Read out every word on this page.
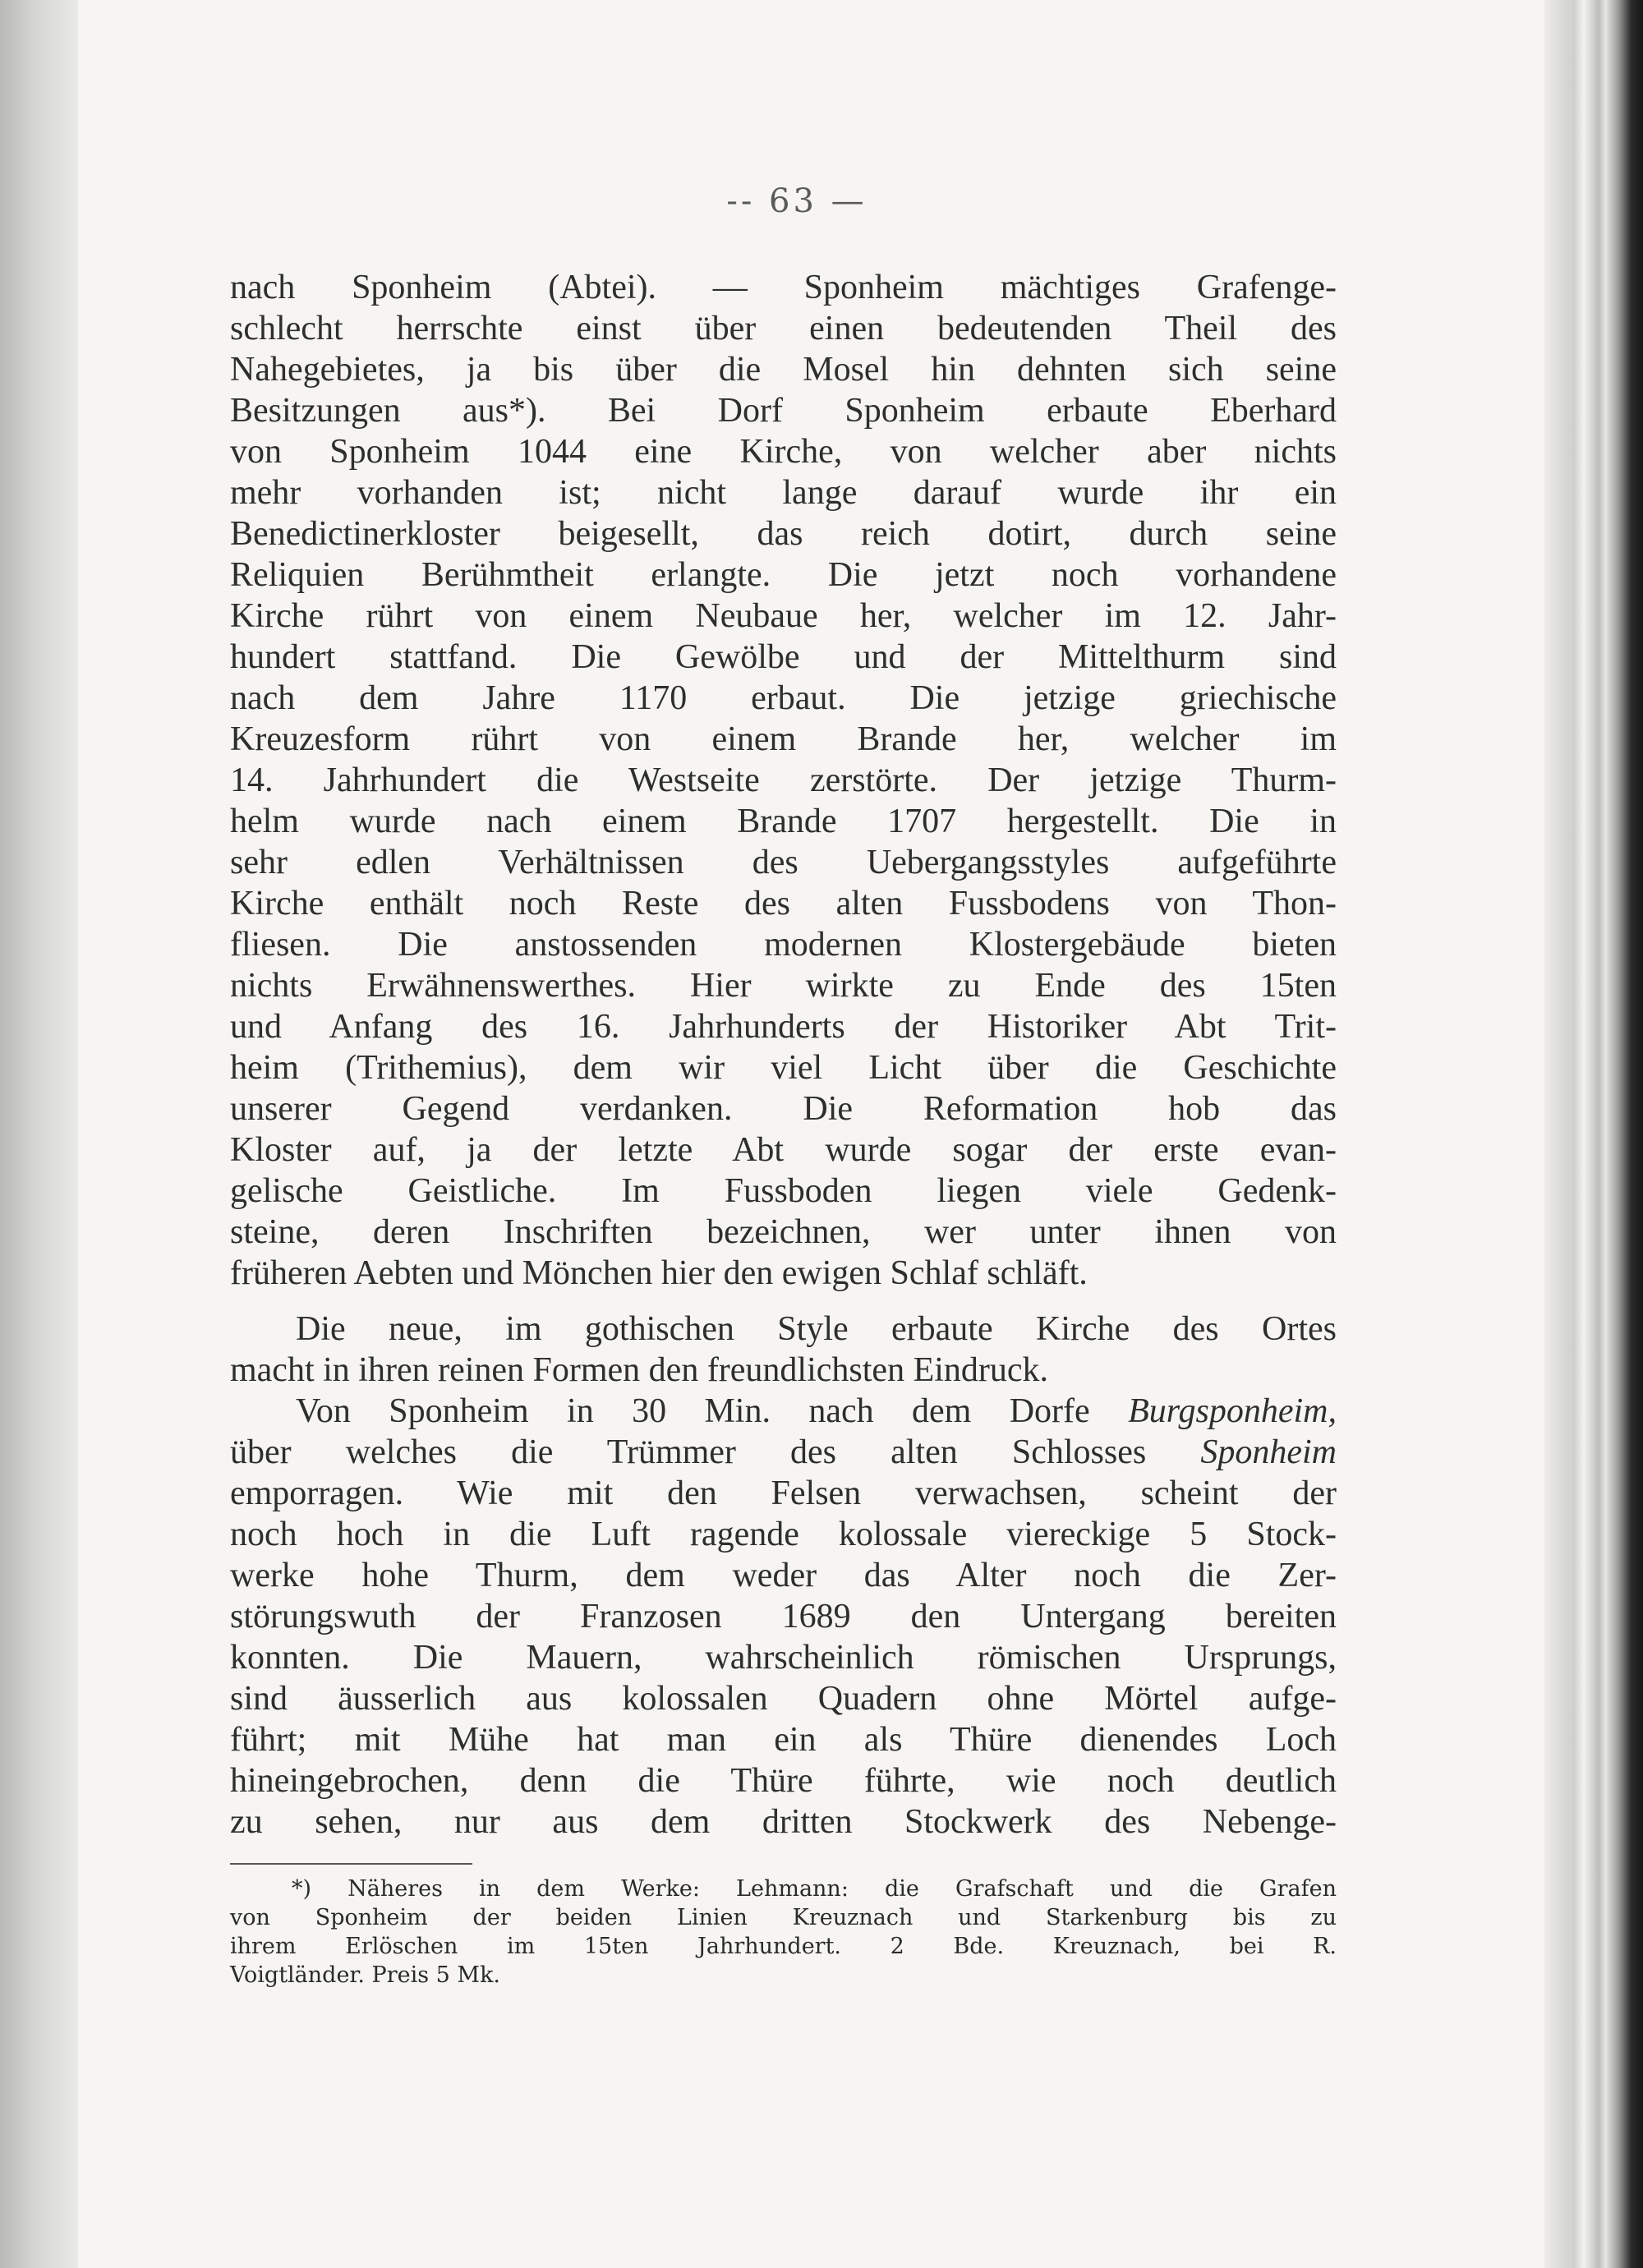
-- 63 —
nach Sponheim (Abtei). — Sponheim mächtiges Grafenge-
schlecht herrschte einst über einen bedeutenden Theil des
Nahegebietes, ja bis über die Mosel hin dehnten sich seine
Besitzungen aus*). Bei Dorf Sponheim erbaute Eberhard
von Sponheim 1044 eine Kirche, von welcher aber nichts
mehr vorhanden ist; nicht lange darauf wurde ihr ein
Benedictinerkloster beigesellt, das reich dotirt, durch seine
Reliquien Berühmtheit erlangte. Die jetzt noch vorhandene
Kirche rührt von einem Neubaue her, welcher im 12. Jahr-
hundert stattfand. Die Gewölbe und der Mittelthurm sind
nach dem Jahre 1170 erbaut. Die jetzige griechische
Kreuzesform rührt von einem Brande her, welcher im
14. Jahrhundert die Westseite zerstörte. Der jetzige Thurm-
helm wurde nach einem Brande 1707 hergestellt. Die in
sehr edlen Verhältnissen des Uebergangsstyles aufgeführte
Kirche enthält noch Reste des alten Fussbodens von Thon-
fliesen. Die anstossenden modernen Klostergebäude bieten
nichts Erwähnenswerthes. Hier wirkte zu Ende des 15ten
und Anfang des 16. Jahrhunderts der Historiker Abt Trit-
heim (Trithemius), dem wir viel Licht über die Geschichte
unserer Gegend verdanken. Die Reformation hob das
Kloster auf, ja der letzte Abt wurde sogar der erste evan-
gelische Geistliche. Im Fussboden liegen viele Gedenk-
steine, deren Inschriften bezeichnen, wer unter ihnen von
früheren Aebten und Mönchen hier den ewigen Schlaf schläft.
Die neue, im gothischen Style erbaute Kirche des Ortes
macht in ihren reinen Formen den freundlichsten Eindruck.
Von Sponheim in 30 Min. nach dem Dorfe Burgsponheim,
über welches die Trümmer des alten Schlosses Sponheim
emporragen. Wie mit den Felsen verwachsen, scheint der
noch hoch in die Luft ragende kolossale viereckige 5 Stock-
werke hohe Thurm, dem weder das Alter noch die Zer-
störungswuth der Franzosen 1689 den Untergang bereiten
konnten. Die Mauern, wahrscheinlich römischen Ursprungs,
sind äusserlich aus kolossalen Quadern ohne Mörtel aufge-
führt; mit Mühe hat man ein als Thüre dienendes Loch
hineingebrochen, denn die Thüre führte, wie noch deutlich
zu sehen, nur aus dem dritten Stockwerk des Nebenge-
*) Näheres in dem Werke: Lehmann: die Grafschaft und die Grafen
von Sponheim der beiden Linien Kreuznach und Starkenburg bis zu
ihrem Erlöschen im 15ten Jahrhundert. 2 Bde. Kreuznach, bei R.
Voigtländer. Preis 5 Mk.
